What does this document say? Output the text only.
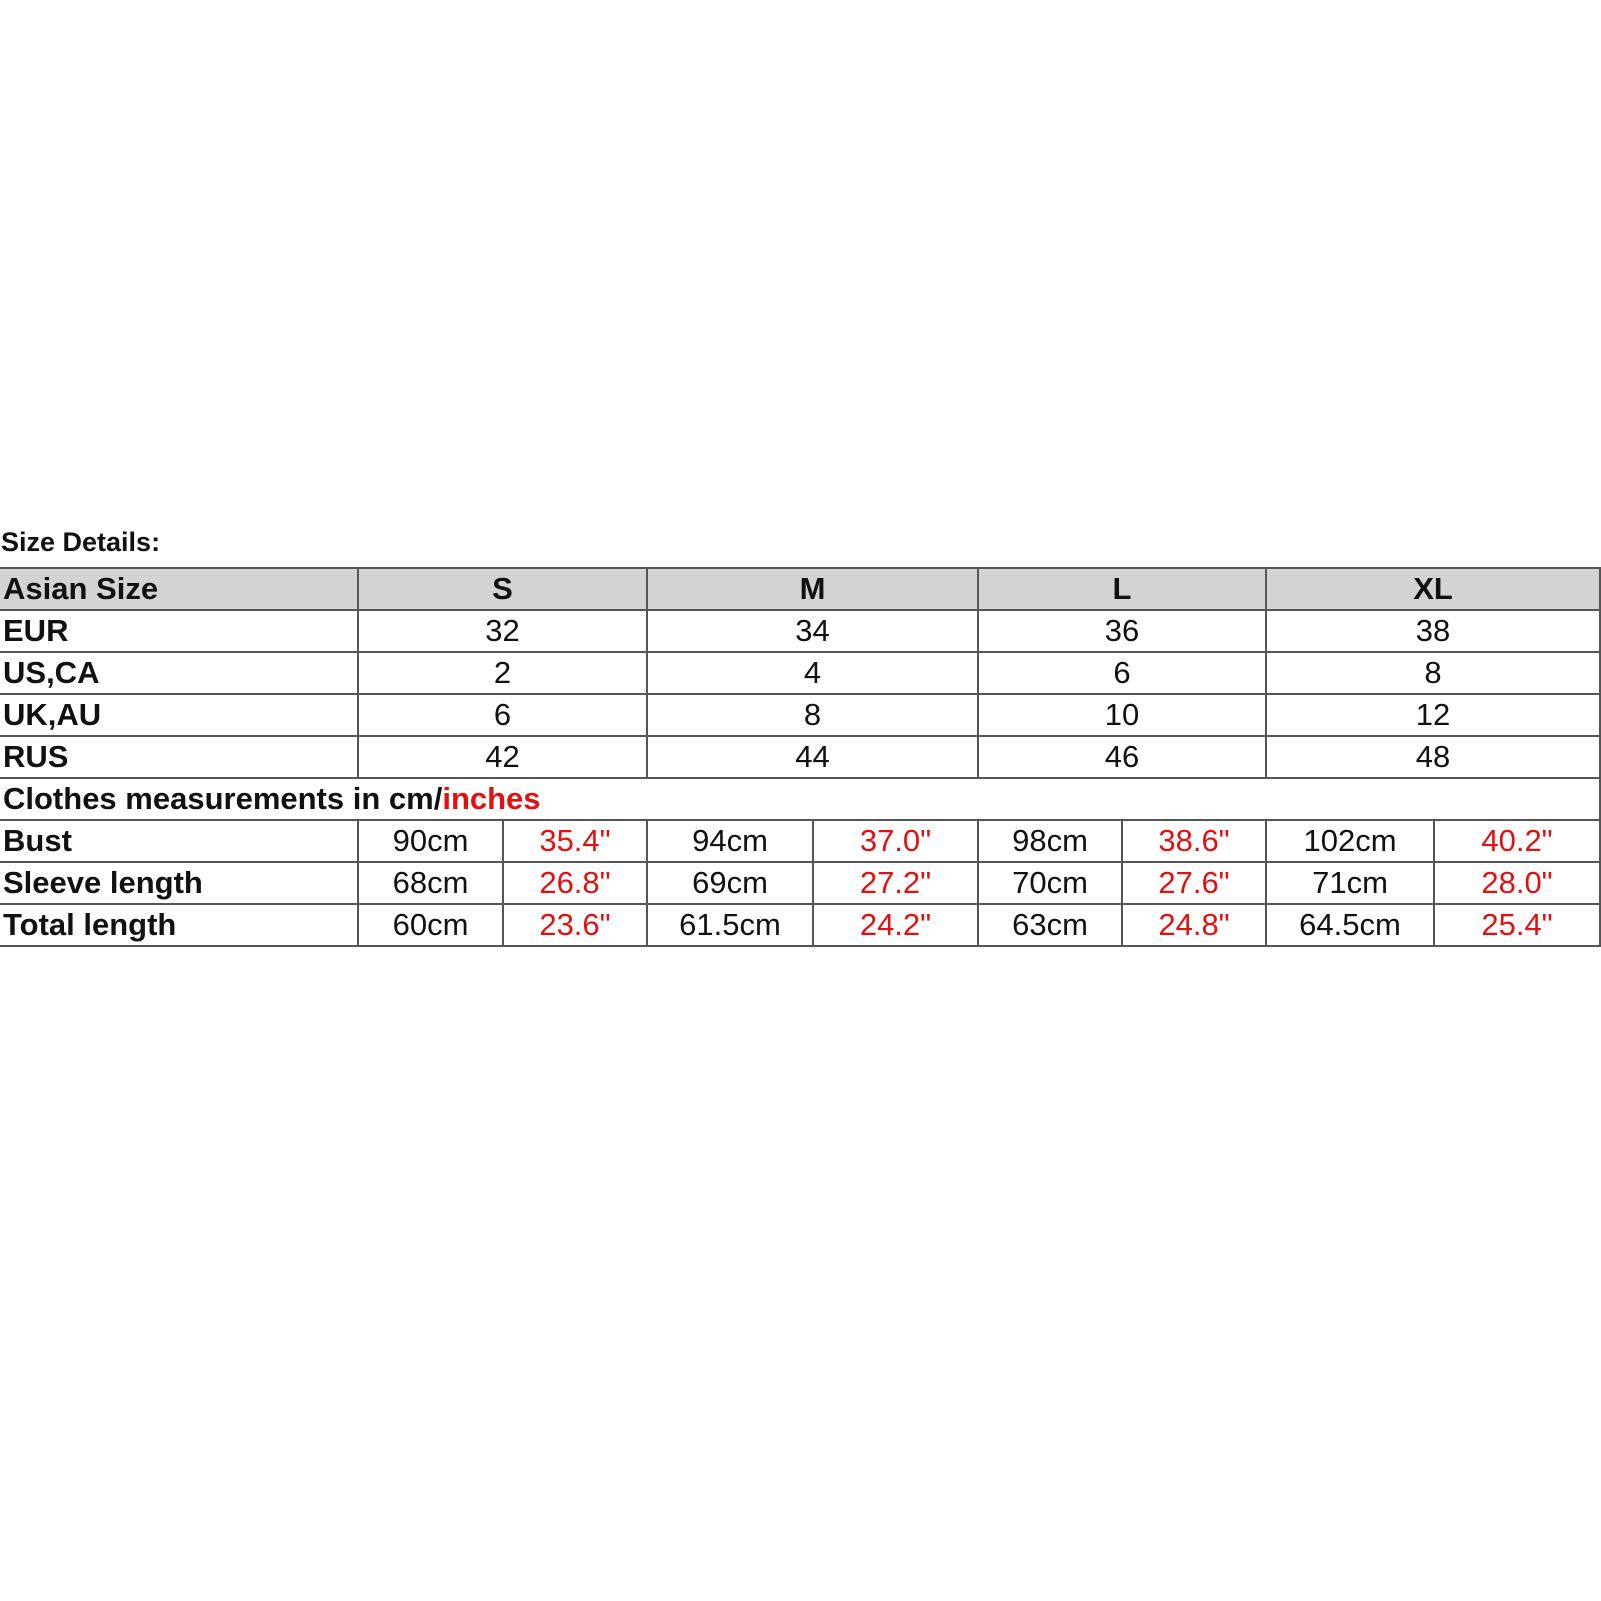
Size Details:
Asian Size	S		M		L		XL	
EUR	32		34		36		38	
US,CA	2		4		6		8	
UK,AU	6		8		10		12	
RUS	42		44		46		48	
Clothes measurements in cm/inches								
Bust	90cm	35.4"	94cm	37.0"	98cm	38.6"	102cm	40.2"
Sleeve length	68cm	26.8"	69cm	27.2"	70cm	27.6"	71cm	28.0"
Total length	60cm	23.6"	61.5cm	24.2"	63cm	24.8"	64.5cm	25.4"
